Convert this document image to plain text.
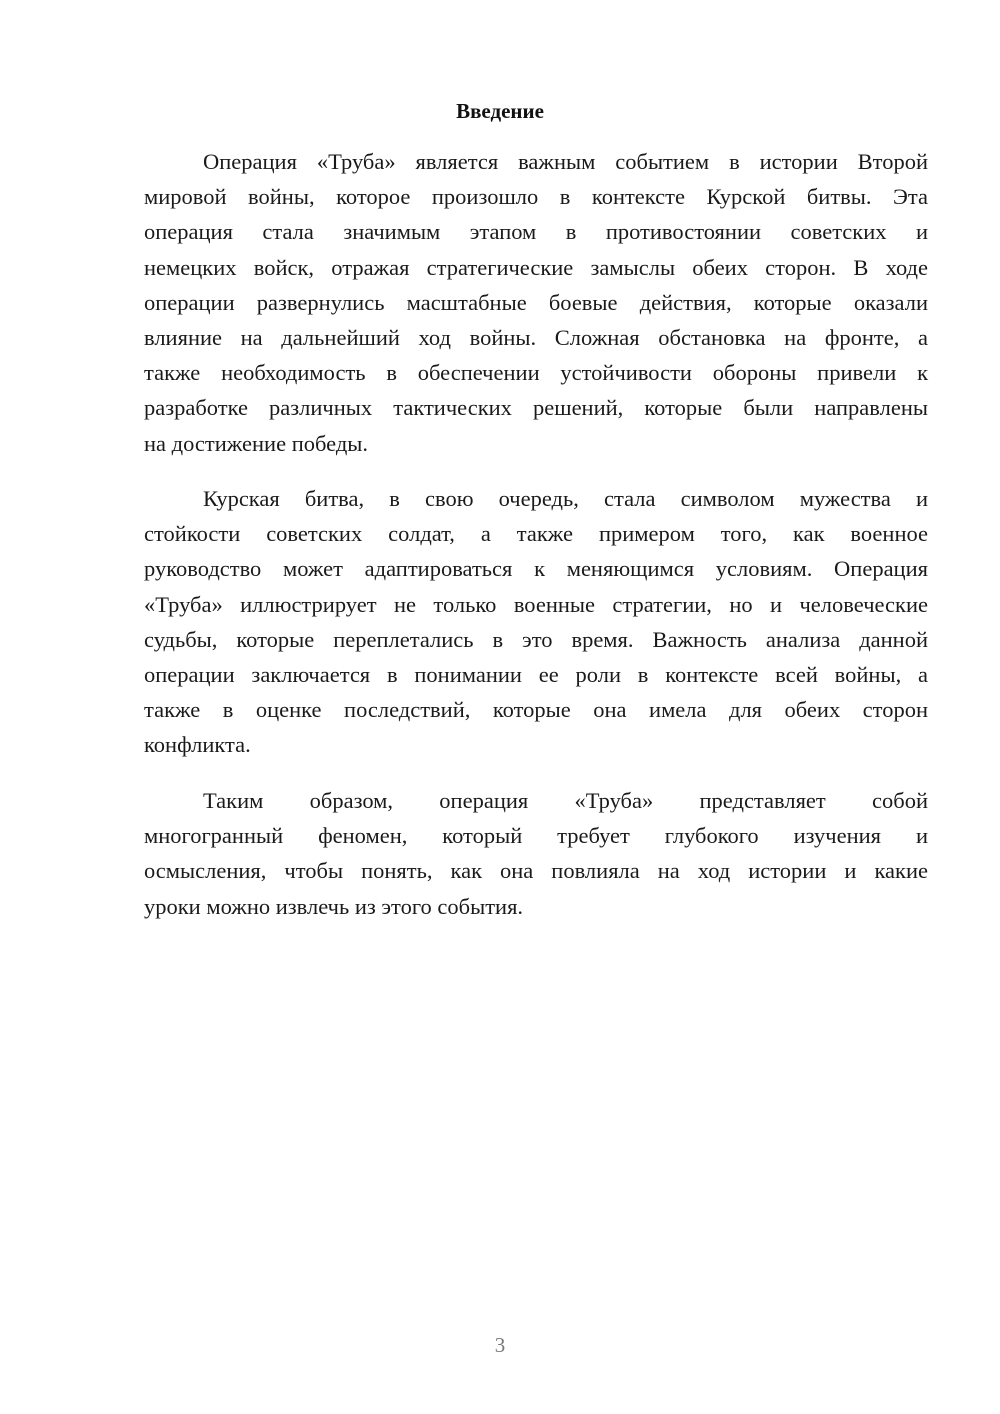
Введение
Операция «Труба» является важным событием в истории Второй
мировой войны, которое произошло в контексте Курской битвы. Эта
операция стала значимым этапом в противостоянии советских и
немецких войск, отражая стратегические замыслы обеих сторон. В ходе
операции развернулись масштабные боевые действия, которые оказали
влияние на дальнейший ход войны. Сложная обстановка на фронте, а
также необходимость в обеспечении устойчивости обороны привели к
разработке различных тактических решений, которые были направлены
на достижение победы.
Курская битва, в свою очередь, стала символом мужества и
стойкости советских солдат, а также примером того, как военное
руководство может адаптироваться к меняющимся условиям. Операция
«Труба» иллюстрирует не только военные стратегии, но и человеческие
судьбы, которые переплетались в это время. Важность анализа данной
операции заключается в понимании ее роли в контексте всей войны, а
также в оценке последствий, которые она имела для обеих сторон
конфликта.
Таким образом, операция «Труба» представляет собой
многогранный феномен, который требует глубокого изучения и
осмысления, чтобы понять, как она повлияла на ход истории и какие
уроки можно извлечь из этого события.
3
